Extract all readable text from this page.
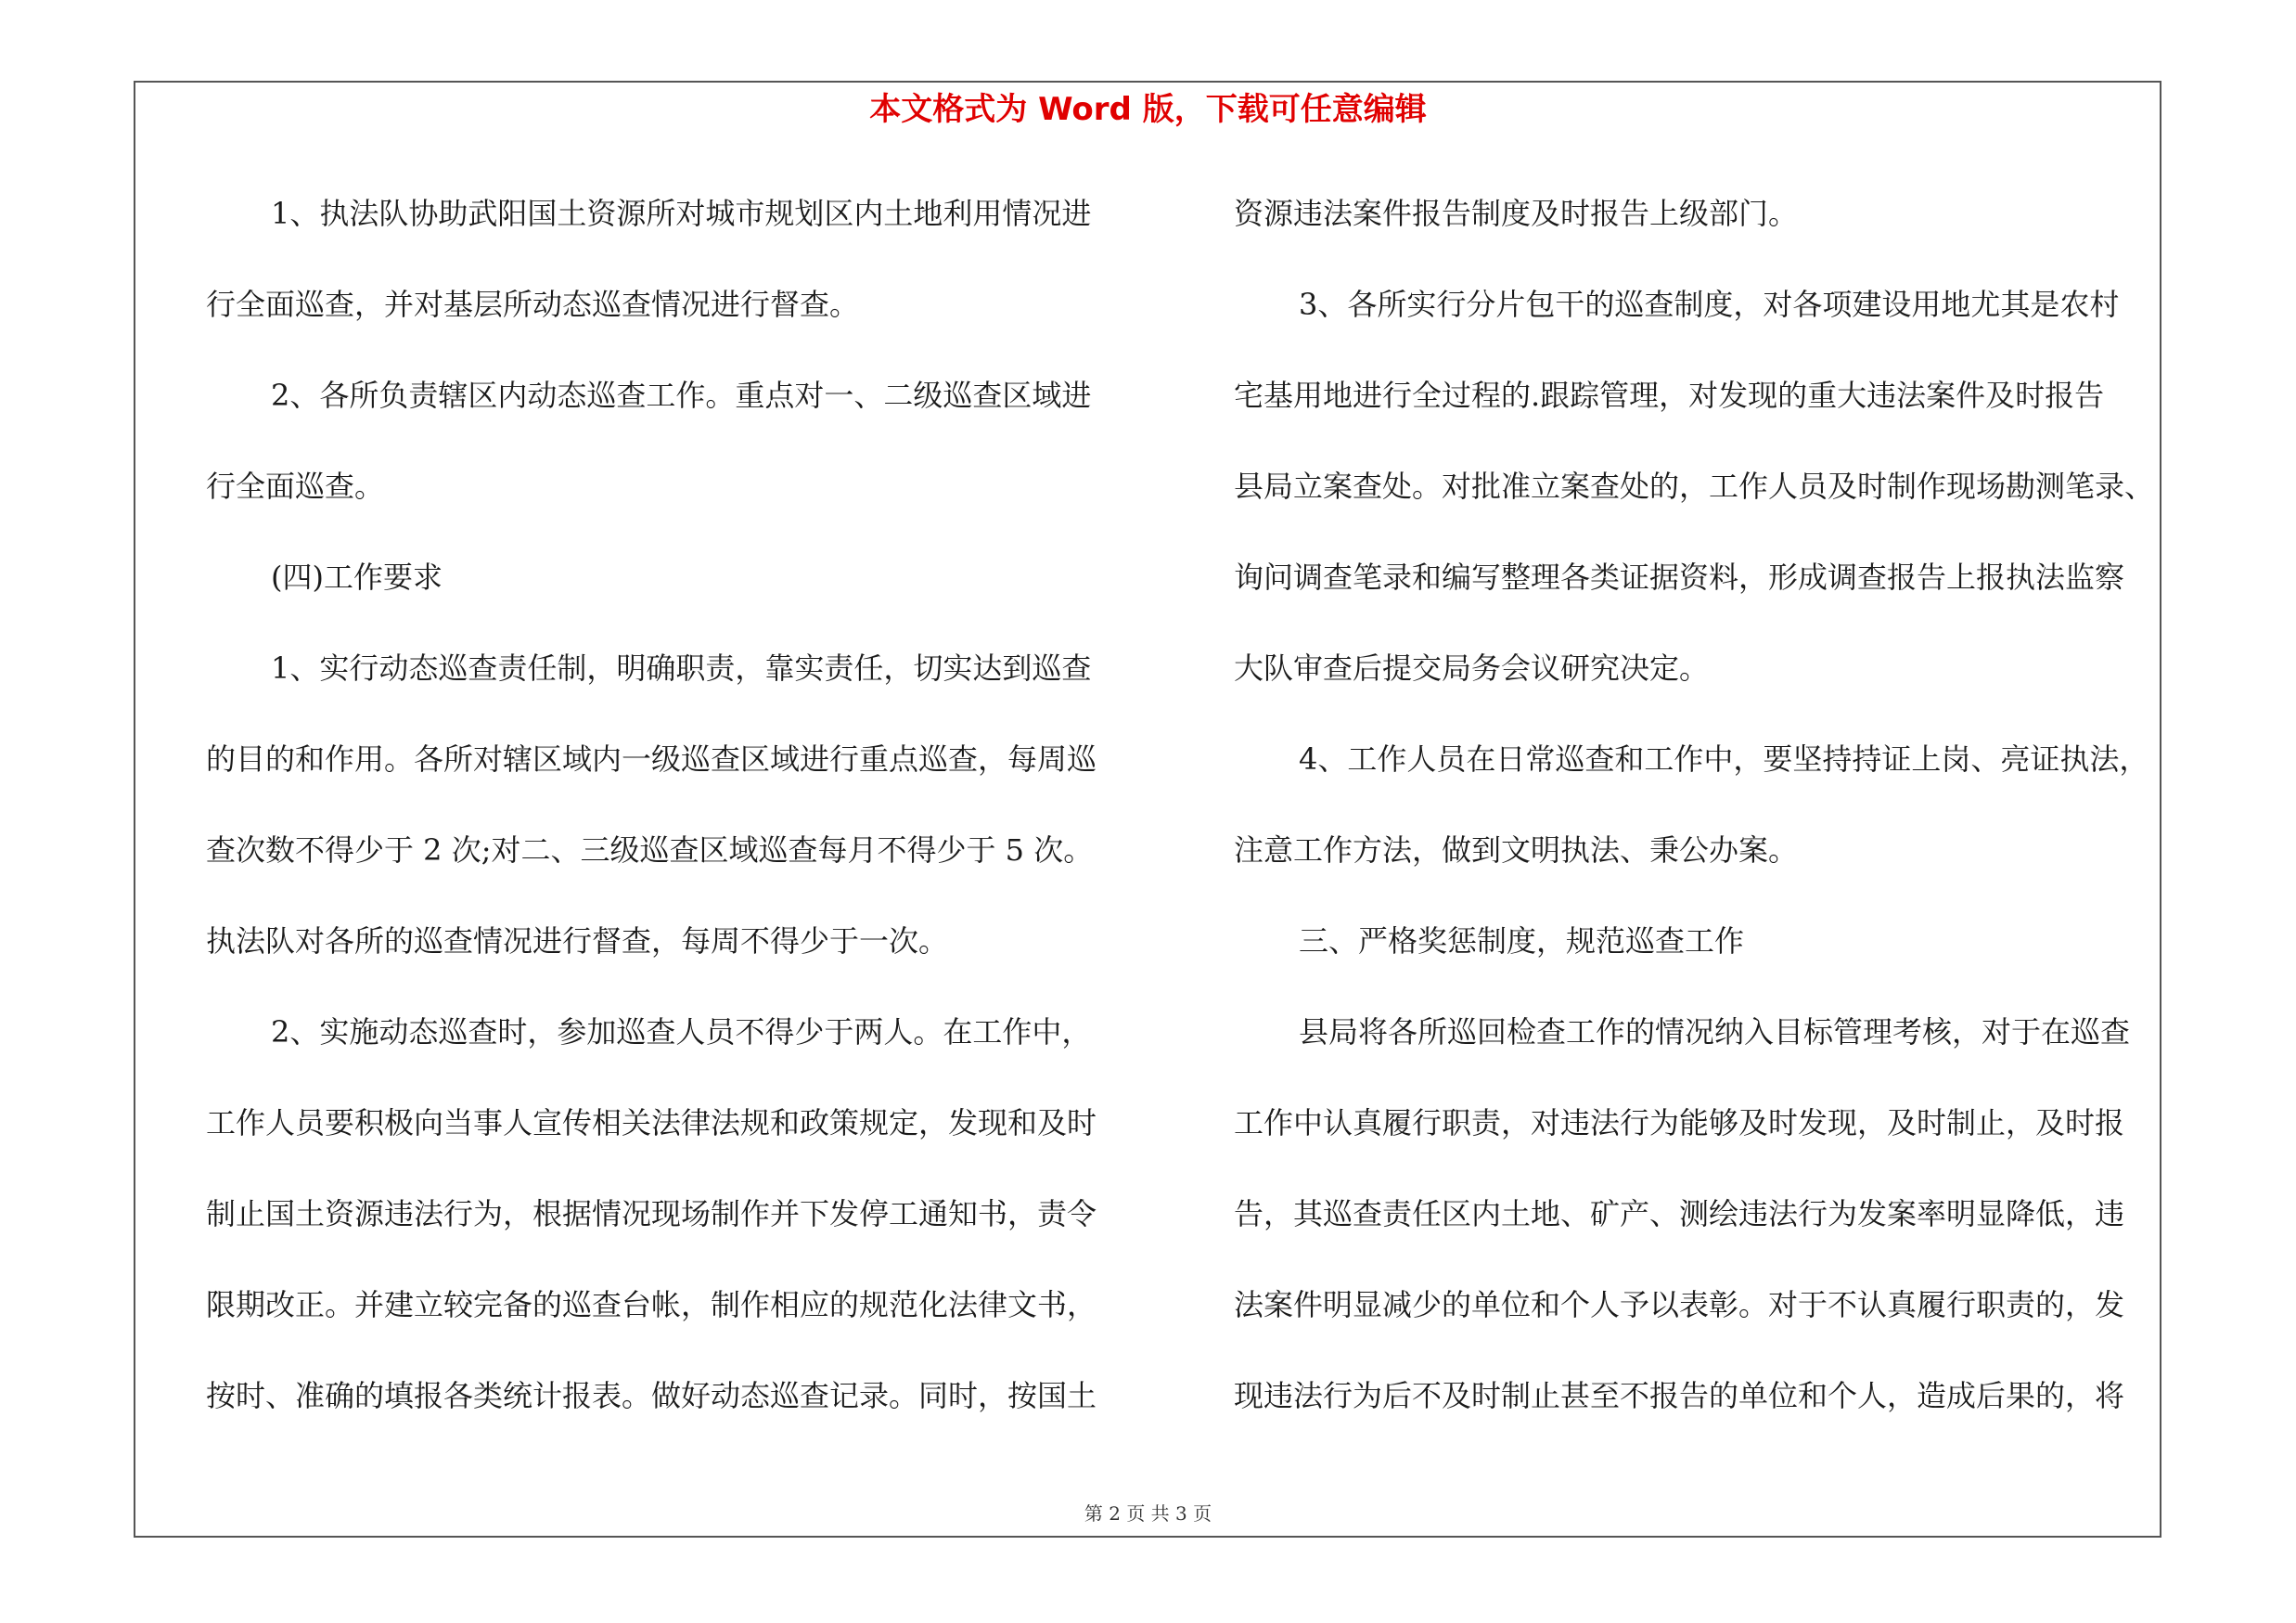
本文格式为 Word 版，下载可任意编辑
1、执法队协助武阳国土资源所对城市规划区内土地利用情况进
行全面巡查，并对基层所动态巡查情况进行督查。
2、各所负责辖区内动态巡查工作。重点对一、二级巡查区域进
行全面巡查。
(四)工作要求
1、实行动态巡查责任制，明确职责，靠实责任，切实达到巡查
的目的和作用。各所对辖区域内一级巡查区域进行重点巡查，每周巡
查次数不得少于 2 次;对二、三级巡查区域巡查每月不得少于 5 次。
执法队对各所的巡查情况进行督查，每周不得少于一次。
2、实施动态巡查时，参加巡查人员不得少于两人。在工作中，
工作人员要积极向当事人宣传相关法律法规和政策规定，发现和及时
制止国土资源违法行为，根据情况现场制作并下发停工通知书，责令
限期改正。并建立较完备的巡查台帐，制作相应的规范化法律文书，
按时、准确的填报各类统计报表。做好动态巡查记录。同时，按国土
资源违法案件报告制度及时报告上级部门。
3、各所实行分片包干的巡查制度，对各项建设用地尤其是农村
宅基用地进行全过程的.跟踪管理，对发现的重大违法案件及时报告
县局立案查处。对批准立案查处的，工作人员及时制作现场勘测笔录、
询问调查笔录和编写整理各类证据资料，形成调查报告上报执法监察
大队审查后提交局务会议研究决定。
4、工作人员在日常巡查和工作中，要坚持持证上岗、亮证执法，
注意工作方法，做到文明执法、秉公办案。
三、严格奖惩制度，规范巡查工作
县局将各所巡回检查工作的情况纳入目标管理考核，对于在巡查
工作中认真履行职责，对违法行为能够及时发现，及时制止，及时报
告，其巡查责任区内土地、矿产、测绘违法行为发案率明显降低，违
法案件明显减少的单位和个人予以表彰。对于不认真履行职责的，发
现违法行为后不及时制止甚至不报告的单位和个人，造成后果的，将
第 2 页 共 3 页
